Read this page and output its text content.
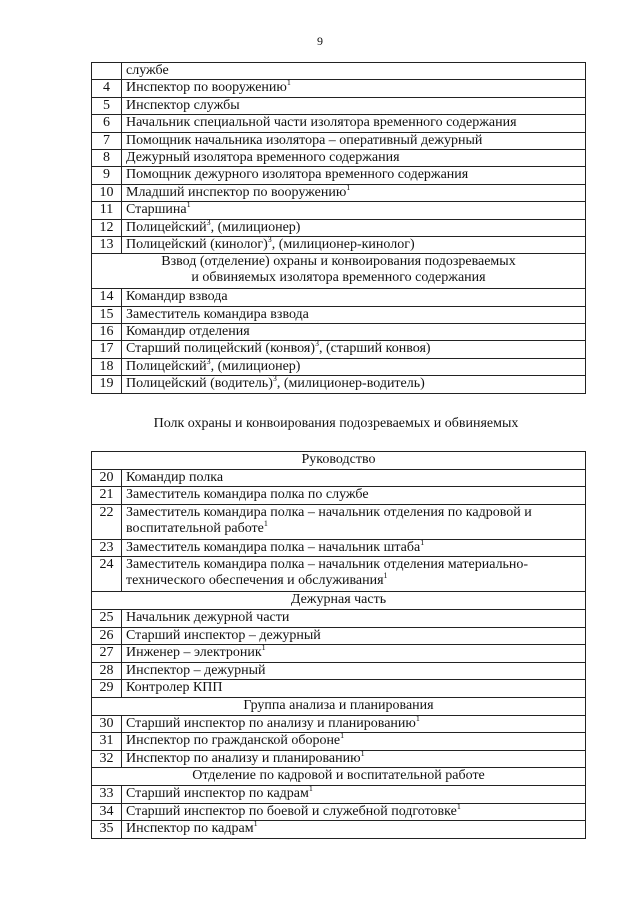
9
	службе
4	Инспектор по вооружению$^1$
5	Инспектор службы
6	Начальник специальной части изолятора временного содержания
7	Помощник начальника изолятора – оперативный дежурный
8	Дежурный изолятора временного содержания
9	Помощник дежурного изолятора временного содержания
10	Младший инспектор по вооружению$^1$
11	Старшина$^1$
12	Полицейский$^3$, (милиционер)
13	Полицейский (кинолог)$^3$, (милиционер-кинолог)
Взвод (отделение) охраны и конвоирования подозреваемых
и обвиняемых изолятора временного содержания	
14	Командир взвода
15	Заместитель командира взвода
16	Командир отделения
17	Старший полицейский (конвоя)$^3$, (старший конвоя)
18	Полицейский$^3$, (милиционер)
19	Полицейский (водитель)$^3$, (милиционер-водитель)
Полк охраны и конвоирования подозреваемых и обвиняемых
Руководство	
20	Командир полка
21	Заместитель командира полка по службе
22	Заместитель командира полка – начальник отделения по кадровой и
воспитательной работе$^1$
23	Заместитель командира полка – начальник штаба$^1$
24	Заместитель командира полка – начальник отделения материально-
технического обеспечения и обслуживания$^1$
Дежурная часть	
25	Начальник дежурной части
26	Старший инспектор – дежурный
27	Инженер – электроник$^1$
28	Инспектор – дежурный
29	Контролер КПП
Группа анализа и планирования	
30	Старший инспектор по анализу и планированию$^1$
31	Инспектор по гражданской обороне$^1$
32	Инспектор по анализу и планированию$^1$
Отделение по кадровой и воспитательной работе	
33	Старший инспектор по кадрам$^1$
34	Старший инспектор по боевой и служебной подготовке$^1$
35	Инспектор по кадрам$^1$
